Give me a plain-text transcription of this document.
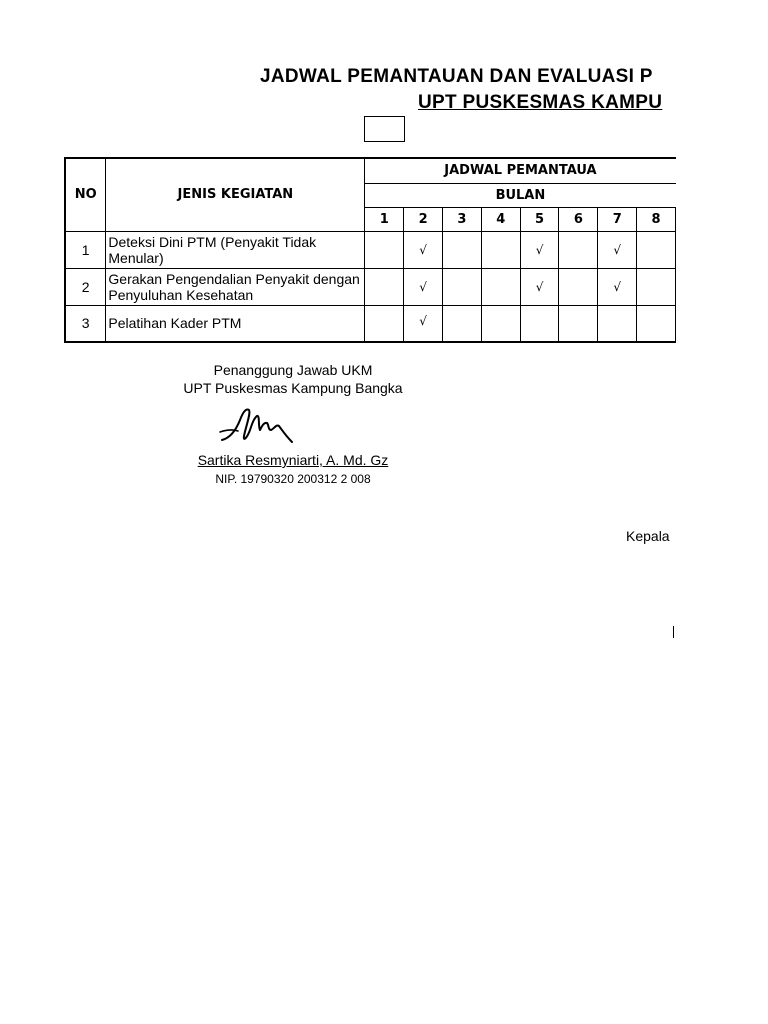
JADWAL PEMANTAUAN DAN EVALUASI P
UPT PUSKESMAS KAMPU
NO	JENIS KEGIATAN	JADWAL PEMANTAUA							
		BULAN							
		1	2	3	4	5	6	7	8
1	Deteksi Dini PTM (Penyakit Tidak Menular)		√			√		√	
2	Gerakan Pengendalian Penyakit dengan Penyuluhan Kesehatan		√			√		√	
3	Pelatihan Kader PTM		√						
Penanggung Jawab UKM
UPT Puskesmas Kampung Bangka
Sartika Resmyniarti, A. Md. Gz
NIP. 19790320 200312 2 008
Kepala
